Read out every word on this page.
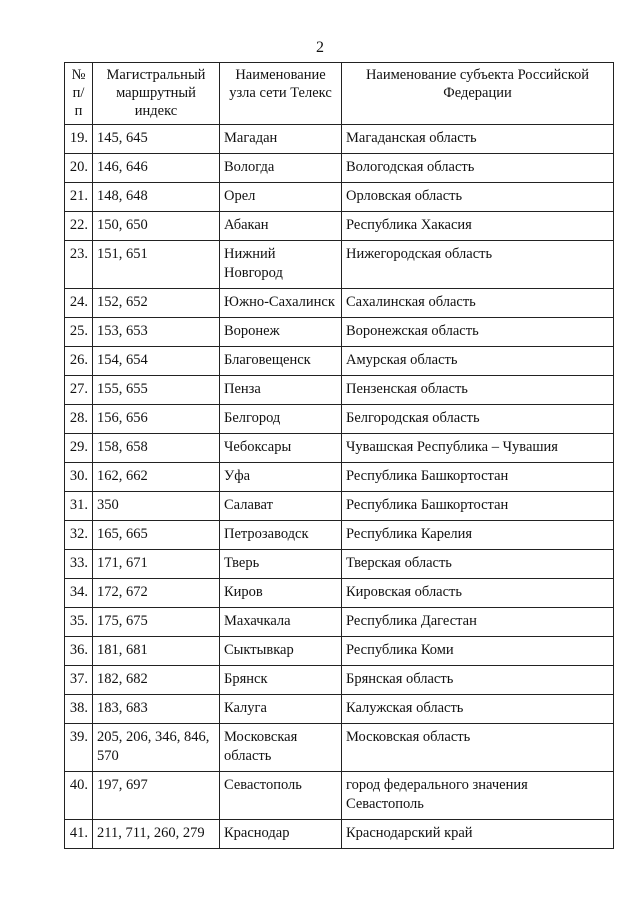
2
№ п/п	Магистральный маршрутный индекс	Наименование узла сети Телекс	Наименование субъекта Российской Федерации
19.	145, 645	Магадан	Магаданская область
20.	146, 646	Вологда	Вологодская область
21.	148, 648	Орел	Орловская область
22.	150, 650	Абакан	Республика Хакасия
23.	151, 651	Нижний Новгород	Нижегородская область
24.	152, 652	Южно-Сахалинск	Сахалинская область
25.	153, 653	Воронеж	Воронежская область
26.	154, 654	Благовещенск	Амурская область
27.	155, 655	Пенза	Пензенская область
28.	156, 656	Белгород	Белгородская область
29.	158, 658	Чебоксары	Чувашская Республика – Чувашия
30.	162, 662	Уфа	Республика Башкортостан
31.	350	Салават	Республика Башкортостан
32.	165, 665	Петрозаводск	Республика Карелия
33.	171, 671	Тверь	Тверская область
34.	172, 672	Киров	Кировская область
35.	175, 675	Махачкала	Республика Дагестан
36.	181, 681	Сыктывкар	Республика Коми
37.	182, 682	Брянск	Брянская область
38.	183, 683	Калуга	Калужская область
39.	205, 206, 346, 846, 570	Московская область	Московская область
40.	197, 697	Севастополь	город федерального значения Севастополь
41.	211, 711, 260, 279	Краснодар	Краснодарский край
